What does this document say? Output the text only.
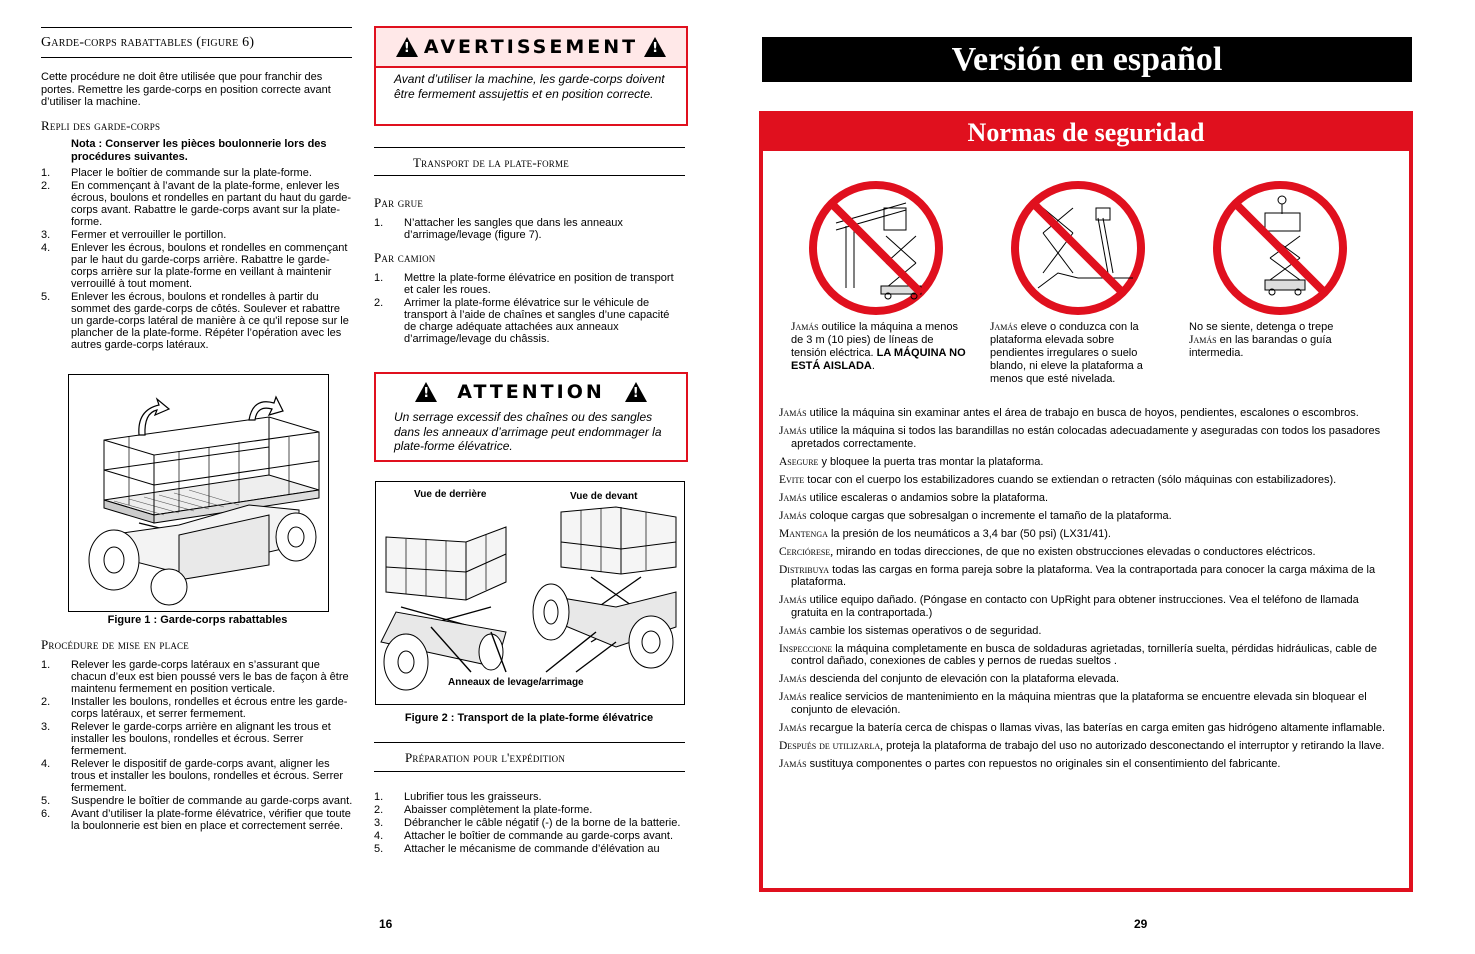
Garde-corps rabattables (figure 6)
Cette procédure ne doit être utilisée que pour franchir des portes. Remettre les garde-corps en position correcte avant d’utiliser la machine.
Repli des garde-corps
Nota : Conserver les pièces boulonnerie lors des procédures suivantes.
1. Placer le boîtier de commande sur la plate-forme.
2. En commençant à l’avant de la plate-forme, enlever les écrous, boulons et rondelles en partant du haut du garde-corps avant. Rabattre le garde-corps avant sur la plate-forme.
3. Fermer et verrouiller le portillon.
4. Enlever les écrous, boulons et rondelles en commençant par le haut du garde-corps arrière. Rabattre le garde-corps arrière sur la plate-forme en veillant à maintenir verrouillé à tout moment.
5. Enlever les écrous, boulons et rondelles à partir du sommet des garde-corps de côtés. Soulever et rabattre un garde-corps latéral de manière à ce qu'il repose sur le plancher de la plate-forme. Répéter l’opération avec les autres garde-corps latéraux.
Figure 1 : Garde-corps rabattables
Procédure de mise en place
1. Relever les garde-corps latéraux en s’assurant que chacun d’eux est bien poussé vers le bas de façon à être maintenu fermement en position verticale.
2. Installer les boulons, rondelles et écrous entre les garde-corps latéraux, et serrer fermement.
3. Relever le garde-corps arrière en alignant les trous et installer les boulons, rondelles et écrous. Serrer fermement.
4. Relever le dispositif de garde-corps avant, aligner les trous et installer les boulons, rondelles et écrous. Serrer fermement.
5. Suspendre le boîtier de commande au garde-corps avant.
6. Avant d’utiliser la plate-forme élévatrice, vérifier que toute la boulonnerie est bien en place et correctement serrée.
16
!
AVERTISSEMENT
!
Avant d’utiliser la machine, les garde-corps doivent être fermement assujettis et en position correcte.
Transport de la plate-forme
Par grue
1. N’attacher les sangles que dans les anneaux d’arrimage/levage (figure 7).
Par camion
1. Mettre la plate-forme élévatrice en position de transport et caler les roues.
2. Arrimer la plate-forme élévatrice sur le véhicule de transport à l’aide de chaînes et sangles d’une capacité de charge adéquate attachées aux anneaux d’arrimage/levage du châssis.
!
ATTENTION
!
Un serrage excessif des chaînes ou des sangles dans les anneaux d’arrimage peut endommager la plate-forme élévatrice.
Vue de derrière	Vue de devant
Anneaux de levage/arrimage
Figure 2 : Transport de la plate-forme élévatrice
Préparation pour l'expédition
1. Lubrifier tous les graisseurs.
2. Abaisser complètement la plate-forme.
3. Débrancher le câble négatif (-) de la borne de la batterie.
4. Attacher le boîtier de commande au garde-corps avant.
5. Attacher le mécanisme de commande d’élévation au
Versión en español
Normas de seguridad
Jamás outilice la máquina a menos de 3 m (10 pies) de líneas de tensión eléctrica. LA MÁQUINA NO ESTÁ AISLADA.
Jamás eleve o conduzca con la plataforma elevada sobre pendientes irregulares o suelo blando, ni eleve la plataforma a menos que esté nivelada.
No se siente, detenga o trepe Jamás en las barandas o guía intermedia.

Jamás utilice la máquina sin examinar antes el área de trabajo en busca de hoyos, pendientes, escalones o escombros.

Jamás utilice la máquina si todos las barandillas no están colocadas adecuadamente y aseguradas con todos los pasadores apretados correctamente.

Asegure y bloquee la puerta tras montar la plataforma.

Evite tocar con el cuerpo los estabilizadores cuando se extiendan o retracten (sólo máquinas con estabilizadores).

Jamás utilice escaleras o andamios sobre la plataforma.

Jamás coloque cargas que sobresalgan o incremente el tamaño de la plataforma.

Mantenga la presión de los neumáticos a 3,4 bar (50 psi) (LX31/41).

Cerciórese, mirando en todas direcciones, de que no existen obstrucciones elevadas o conductores eléctricos.

Distribuya todas las cargas en forma pareja sobre la plataforma. Vea la contraportada para conocer la carga máxima de la plataforma.

Jamás utilice equipo dañado. (Póngase en contacto con UpRight para obtener instrucciones. Vea el teléfono de llamada gratuita en la contraportada.)

Jamás cambie los sistemas operativos o de seguridad.

Inspeccione la máquina completamente en busca de soldaduras agrietadas, tornillería suelta, pérdidas hidráulicas, cable de control dañado, conexiones de cables y pernos de ruedas sueltos .

Jamás descienda del conjunto de elevación con la plataforma elevada.

Jamás realice servicios de mantenimiento en la máquina mientras que la plataforma se encuentre elevada sin bloquear el conjunto de elevación.

Jamás recargue la batería cerca de chispas o llamas vivas, las baterías en carga emiten gas hidrógeno altamente inflamable.

Después de utilizarla, proteja la plataforma de trabajo del uso no autorizado desconectando el interruptor y retirando la llave.

Jamás sustituya componentes o partes con repuestos no originales sin el consentimiento del fabricante.

29
